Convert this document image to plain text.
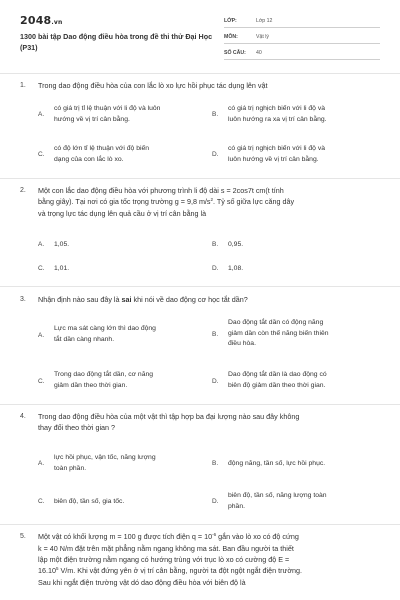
2048.vn
1300 bài tập Dao động điều hòa trong đề thi thử Đại Học (P31)
LỚP:	Lớp 12
MÔN:	Vật lý
SỐ CÂU:	40
1. Trong dao động điều hòa của con lắc lò xo lực hồi phục tác dụng lên vật
A.
có giá trị tỉ lệ thuận với li độ và luôn
hướng về vị trí cân bằng.
B.
có giá trị nghịch biến với li độ và
luôn hướng ra xa vị trí cân bằng.
C.
có độ lớn tỉ lệ thuận với độ biến
dạng của con lắc lò xo.
D.
có giá trị nghịch biến với li độ và
luôn hướng về vị trí cân bằng.
2. Một con lắc dao động điều hòa với phương trình li độ dài s = 2cos7t cm(t tính
bằng giây). Tại nơi có gia tốc trọng trường g = 9,8 $m/s^2$. Tỷ số giữa lực căng dây
và trọng lực tác dụng lên quả cầu ở vị trí cân bằng là
A. 1,05.	B. 0,95.
C. 1,01.	D. 1,08.
3. Nhận định nào sau đây là sai khi nói về dao động cơ học tắt dần?
A.
Lực ma sát càng lớn thì dao động
tắt dần càng nhanh.
B.
Dao động tắt dần có động năng
giảm dần còn thế năng biến thiên
điều hòa.
C.
Trong dao động tắt dần, cơ năng
giảm dần theo thời gian.	D.
Dao động tắt dần là dao động có
biên độ giảm dần theo thời gian.
4. Trong dao động điều hòa của một vật thì tập hợp ba đại lượng nào sau đây không
thay đổi theo thời gian ?
A.
lực hồi phục, vận tốc, năng lượng
toàn phần.
B. động năng, tần số, lực hồi phục.
C. biên độ, tần số, gia tốc.	D.
biên độ, tần số, năng lượng toàn
phần.
5. Một vật có khối lượng m = 100 g được tích điện $q = 10^{-6}$ gắn vào lò xo có độ cứng
k = 40 N/m đặt trên mặt phẳng nằm ngang không ma sát. Ban đầu người ta thiết
lập một điện trường nằm ngang có hướng trùng với trục lò xo có cường độ E =
$16.10^5$ V/m. Khi vật đứng yên ở vị trí cân bằng, người ta đột ngột ngắt điện trường.
Sau khi ngắt điện trường vật dó dao động điều hòa với biên độ là
